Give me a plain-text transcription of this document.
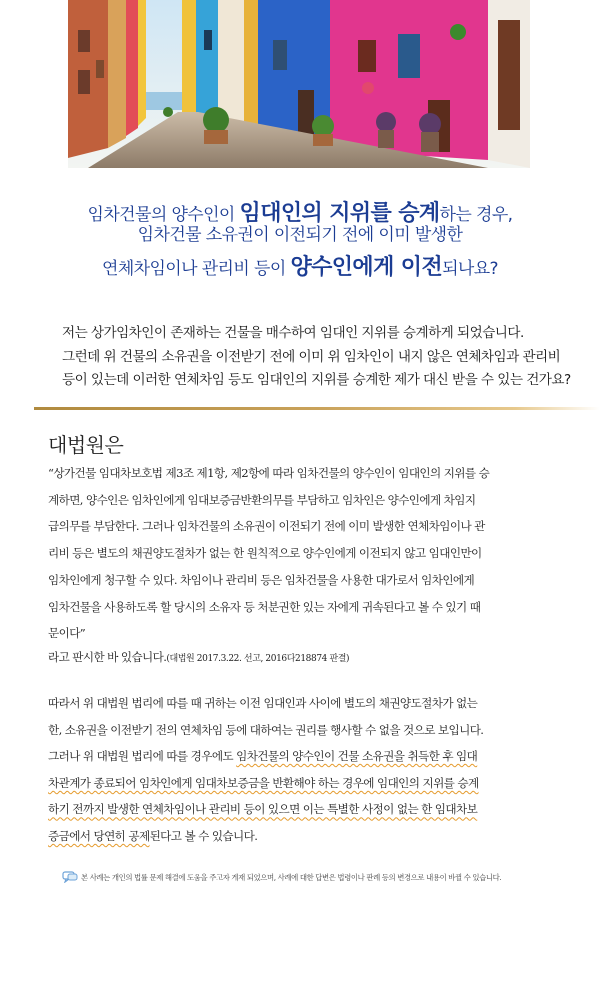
임차건물의 양수인이 임대인의 지위를 승계하는 경우,
임차건물 소유권이 이전되기 전에 이미 발생한
연체차임이나 관리비 등이 양수인에게 이전되나요?
저는 상가임차인이 존재하는 건물을 매수하여 임대인 지위를 승계하게 되었습니다.
그런데 위 건물의 소유권을 이전받기 전에 이미 위 임차인이 내지 않은 연체차임과 관리비
등이 있는데 이러한 연체차임 등도 임대인의 지위를 승계한 제가 대신 받을 수 있는 건가요?
대법원은
“상가건물 임대차보호법 제3조 제1항, 제2항에 따라 임차건물의 양수인이 임대인의 지위를 승
계하면, 양수인은 임차인에게 임대보증금반환의무를 부담하고 임차인은 양수인에게 차임지
급의무를 부담한다. 그러나 임차건물의 소유권이 이전되기 전에 이미 발생한 연체차임이나 관
리비 등은 별도의 채권양도절차가 없는 한 원칙적으로 양수인에게 이전되지 않고 임대인만이
임차인에게 청구할 수 있다. 차임이나 관리비 등은 임차건물을 사용한 대가로서 임차인에게
임차건물을 사용하도록 할 당시의 소유자 등 처분권한 있는 자에게 귀속된다고 볼 수 있기 때
문이다”
라고 판시한 바 있습니다.(대법원 2017.3.22. 선고, 2016다218874 판결)
따라서 위 대법원 법리에 따를 때 귀하는 이전 임대인과 사이에 별도의 채권양도절차가 없는
한, 소유권을 이전받기 전의 연체차임 등에 대하여는 권리를 행사할 수 없을 것으로 보입니다.
그러나 위 대법원 법리에 따를 경우에도 임차건물의 양수인이 건물 소유권을 취득한 후 임대
차관계가 종료되어 임차인에게 임대차보증금을 반환해야 하는 경우에 임대인의 지위를 승계
하기 전까지 발생한 연체차임이나 관리비 등이 있으면 이는 특별한 사정이 없는 한 임대차보
증금에서 당연히 공제된다고 볼 수 있습니다.
본 사례는 개인의 법률 문제 해결에 도움을 주고자 게재 되었으며, 사례에 대한 답변은 법령이나 판례 등의 변경으로 내용이 바뀔 수 있습니다.
